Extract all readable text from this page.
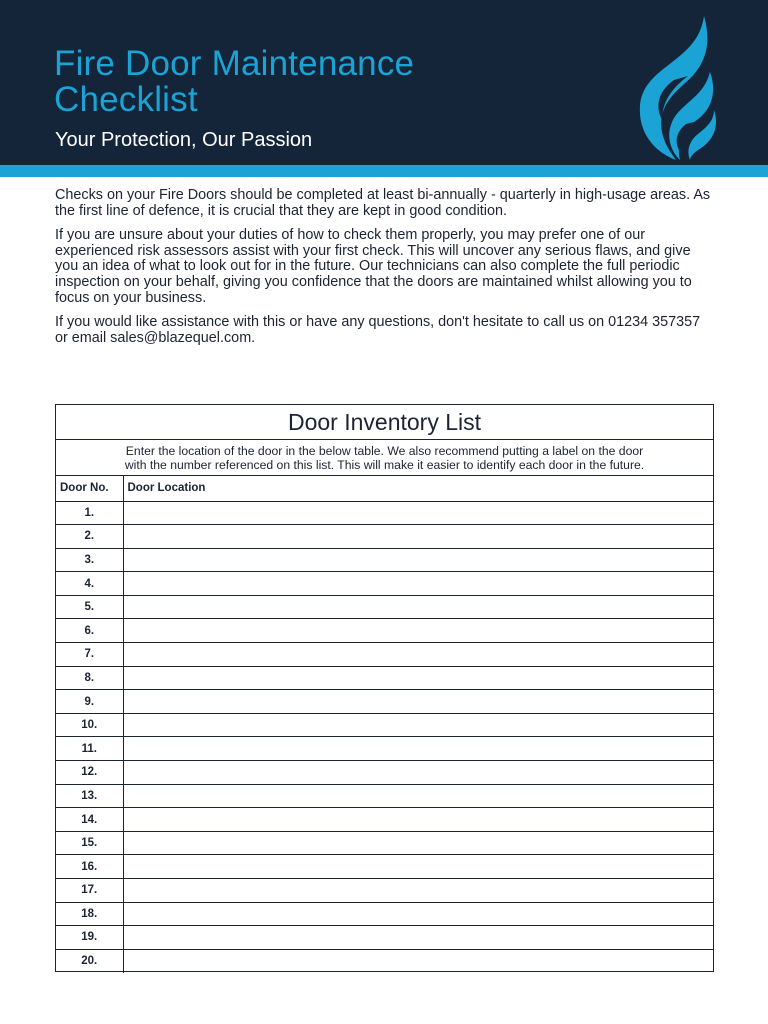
Fire Door Maintenance
Checklist
Your Protection, Our Passion

Checks on your Fire Doors should be completed at least bi-annually - quarterly in high-usage areas. As the first line of defence, it is crucial that they are kept in good condition.

If you are unsure about your duties of how to check them properly, you may prefer one of our experienced risk assessors assist with your first check. This will uncover any serious flaws, and give you an idea of what to look out for in the future. Our technicians can also complete the full periodic inspection on your behalf, giving you confidence that the doors are maintained whilst allowing you to focus on your business.

If you would like assistance with this or have any questions, don't hesitate to call us on 01234 357357 or email sales@blazequel.com.

Door Inventory List
Enter the location of the door in the below table. We also recommend putting a label on the door
with the number referenced on this list. This will make it easier to identify each door in the future.
Door No.	Door Location
1.	
2.	
3.	
4.	
5.	
6.	
7.	
8.	
9.	
10.	
11.	
12.	
13.	
14.	
15.	
16.	
17.	
18.	
19.	
20.	
